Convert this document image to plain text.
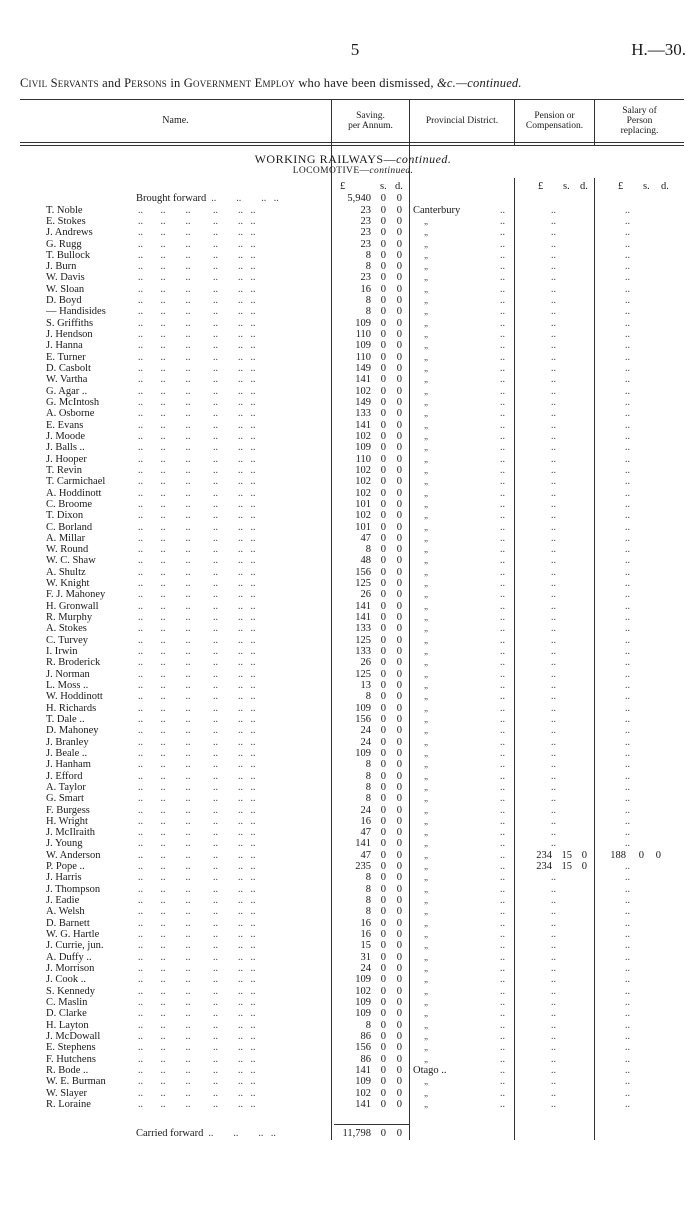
5	H.—30.
Civil Servants and Persons in Government Employ who have been dismissed, &c.—continued.
Name.	Saving.
per Annum.	Provincial District.	Pension or
Compensation.
Salary of
Person
replacing.
WORKING RAILWAYS—continued.
LOCOMOTIVE—continued.
£	s. d.	£ s. d.	£ s. d.
Brought forward  ..        ..        ..   ..	5,940 0	0
T. Noble	..       ..        ..         ..        ..   ..	23 0	0 Canterbury	..	..	..
E. Stokes	..       ..        ..         ..        ..   ..	23 0	0 „	..	..	..
J. Andrews	..       ..        ..         ..        ..   ..	23 0	0 „	..	..	..
G. Rugg	..       ..        ..         ..        ..   ..	23 0	0 „	..	..	..
T. Bullock	..       ..        ..         ..        ..   ..	8 0	0 „	..	..	..
J. Burn	..       ..        ..         ..        ..   ..	8 0	0 „	..	..	..
W. Davis	..       ..        ..         ..        ..   ..	23 0	0 „	..	..	..
W. Sloan	..       ..        ..         ..        ..   ..	16 0	0 „	..	..	..
D. Boyd	..       ..        ..         ..        ..   ..	8 0	0 „	..	..	..
— Handisides	..       ..        ..         ..        ..   ..	8 0	0 „	..	..	..
S. Griffiths	..       ..        ..         ..        ..   ..	109 0	0 „	..	..	..
J. Hendson	..       ..        ..         ..        ..   ..	110 0	0 „	..	..	..
J. Hanna	..       ..        ..         ..        ..   ..	109 0	0 „	..	..	..
E. Turner	..       ..        ..         ..        ..   ..	110 0	0 „	..	..	..
D. Casbolt	..       ..        ..         ..        ..   ..	149 0	0 „	..	..	..
W. Vartha	..       ..        ..         ..        ..   ..	141 0	0 „	..	..	..
G. Agar ..	..       ..        ..         ..        ..   ..	102 0	0 „	..	..	..
G. McIntosh	..       ..        ..         ..        ..   ..	149 0	0 „	..	..	..
A. Osborne	..       ..        ..         ..        ..   ..	133 0	0 „	..	..	..
E. Evans	..       ..        ..         ..        ..   ..	141 0	0 „	..	..	..
J. Moode	..       ..        ..         ..        ..   ..	102 0	0 „	..	..	..
J. Balls ..	..       ..        ..         ..        ..   ..	109 0	0 „	..	..	..
J. Hooper	..       ..        ..         ..        ..   ..	110 0	0 „	..	..	..
T. Revin	..       ..        ..         ..        ..   ..	102 0	0 „	..	..	..
T. Carmichael	..       ..        ..         ..        ..   ..	102 0	0 „	..	..	..
A. Hoddinott	..       ..        ..         ..        ..   ..	102 0	0 „	..	..	..
C. Broome	..       ..        ..         ..        ..   ..	101 0	0 „	..	..	..
T. Dixon	..       ..        ..         ..        ..   ..	102 0	0 „	..	..	..
C. Borland	..       ..        ..         ..        ..   ..	101 0	0 „	..	..	..
A. Millar	..       ..        ..         ..        ..   ..	47 0	0 „	..	..	..
W. Round	..       ..        ..         ..        ..   ..	8 0	0 „	..	..	..
W. C. Shaw	..       ..        ..         ..        ..   ..	48 0	0 „	..	..	..
A. Shultz	..       ..        ..         ..        ..   ..	156 0	0 „	..	..	..
W. Knight	..       ..        ..         ..        ..   ..	125 0	0 „	..	..	..
F. J. Mahoney	..       ..        ..         ..        ..   ..	26 0	0 „	..	..	..
H. Gronwall	..       ..        ..         ..        ..   ..	141 0	0 „	..	..	..
R. Murphy	..       ..        ..         ..        ..   ..	141 0	0 „	..	..	..
A. Stokes	..       ..        ..         ..        ..   ..	133 0	0 „	..	..	..
C. Turvey	..       ..        ..         ..        ..   ..	125 0	0 „	..	..	..
I. Irwin	..       ..        ..         ..        ..   ..	133 0	0 „	..	..	..
R. Broderick	..       ..        ..         ..        ..   ..	26 0	0 „	..	..	..
J. Norman	..       ..        ..         ..        ..   ..	125 0	0 „	..	..	..
L. Moss ..	..       ..        ..         ..        ..   ..	13 0	0 „	..	..	..
W. Hoddinott	..       ..        ..         ..        ..   ..	8 0	0 „	..	..	..
H. Richards	..       ..        ..         ..        ..   ..	109 0	0 „	..	..	..
T. Dale ..	..       ..        ..         ..        ..   ..	156 0	0 „	..	..	..
D. Mahoney	..       ..        ..         ..        ..   ..	24 0	0 „	..	..	..
J. Branley	..       ..        ..         ..        ..   ..	24 0	0 „	..	..	..
J. Beale ..	..       ..        ..         ..        ..   ..	109 0	0 „	..	..	..
J. Hanham	..       ..        ..         ..        ..   ..	8 0	0 „	..	..	..
J. Efford	..       ..        ..         ..        ..   ..	8 0	0 „	..	..	..
A. Taylor	..       ..        ..         ..        ..   ..	8 0	0 „	..	..	..
G. Smart	..       ..        ..         ..        ..   ..	8 0	0 „	..	..	..
F. Burgess	..       ..        ..         ..        ..   ..	24 0	0 „	..	..	..
H. Wright	..       ..        ..         ..        ..   ..	16 0	0 „	..	..	..
J. McIlraith	..       ..        ..         ..        ..   ..	47 0	0 „	..	..	..
J. Young	..       ..        ..         ..        ..   ..	141 0	0 „	..	..	..
W. Anderson	..       ..        ..         ..        ..   ..	47 0	0 „	..	234 15 0	188	0	0
P. Pope ..	..       ..        ..         ..        ..   ..	235 0	0 „	..	234 15 0	..
J. Harris	..       ..        ..         ..        ..   ..	8 0	0 „	..	..	..
J. Thompson	..       ..        ..         ..        ..   ..	8 0	0 „	..	..	..
J. Eadie	..       ..        ..         ..        ..   ..	8 0	0 „	..	..	..
A. Welsh	..       ..        ..         ..        ..   ..	8 0	0 „	..	..	..
D. Barnett	..       ..        ..         ..        ..   ..	16 0	0 „	..	..	..
W. G. Hartle	..       ..        ..         ..        ..   ..	16 0	0 „	..	..	..
J. Currie, jun.	..       ..        ..         ..        ..   ..	15 0	0 „	..	..	..
A. Duffy ..	..       ..        ..         ..        ..   ..	31 0	0 „	..	..	..
J. Morrison	..       ..        ..         ..        ..   ..	24 0	0 „	..	..	..
J. Cook ..	..       ..        ..         ..        ..   ..	109 0	0 „	..	..	..
S. Kennedy	..       ..        ..         ..        ..   ..	102 0	0 „	..	..	..
C. Maslin	..       ..        ..         ..        ..   ..	109 0	0 „	..	..	..
D. Clarke	..       ..        ..         ..        ..   ..	109 0	0 „	..	..	..
H. Layton	..       ..        ..         ..        ..   ..	8 0	0 „	..	..	..
J. McDowall	..       ..        ..         ..        ..   ..	86 0	0 „	..	..	..
E. Stephens	..       ..        ..         ..        ..   ..	156 0	0 „	..	..	..
F. Hutchens	..       ..        ..         ..        ..   ..	86 0	0 „	..	..	..
R. Bode ..	..       ..        ..         ..        ..   ..	141 0	0 Otago ..	..	..	..
W. E. Burman	..       ..        ..         ..        ..   ..	109 0	0 „	..	..	..
W. Slayer	..       ..        ..         ..        ..   ..	102 0	0 „	..	..	..
R. Loraine	..       ..        ..         ..        ..   ..	141 0	0 „	..	..	..
Carried forward  ..        ..        ..   ..	11,798 0	0
